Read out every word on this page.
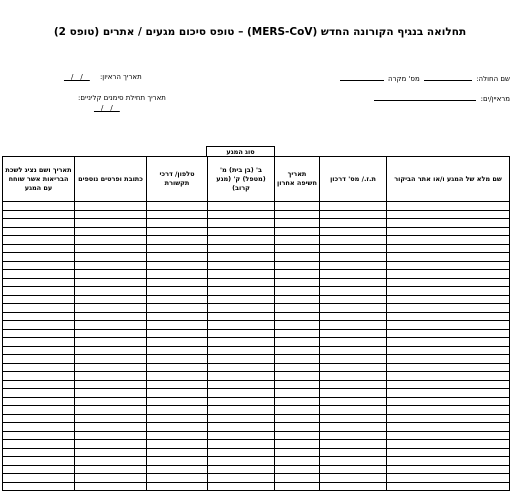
תחלואה בנגיף הקורונה החדש (MERS-CoV) – טופס סיכום מגעים / אתרים (טופס 2)
שם החולה:  מס' מקרה
מראיין/ים:
תאריך הראיון: __/__/__
תאריך תחילת סימנים קליניים:
__/__/__
סוג המגע
שם מלא של המגע ו/או אתר הביקור	ת.ז./ מס' דרכון	תאריך חשיפה אחרון	ב' (בן בית) מ' (מטפל) ק' (מגע קרוב)	טלפון/ דרכי תקשורת	כתובת ופרטים נוספים	תאריך ושם נציג לשכת הבריאות אשר שוחח עם המגע
